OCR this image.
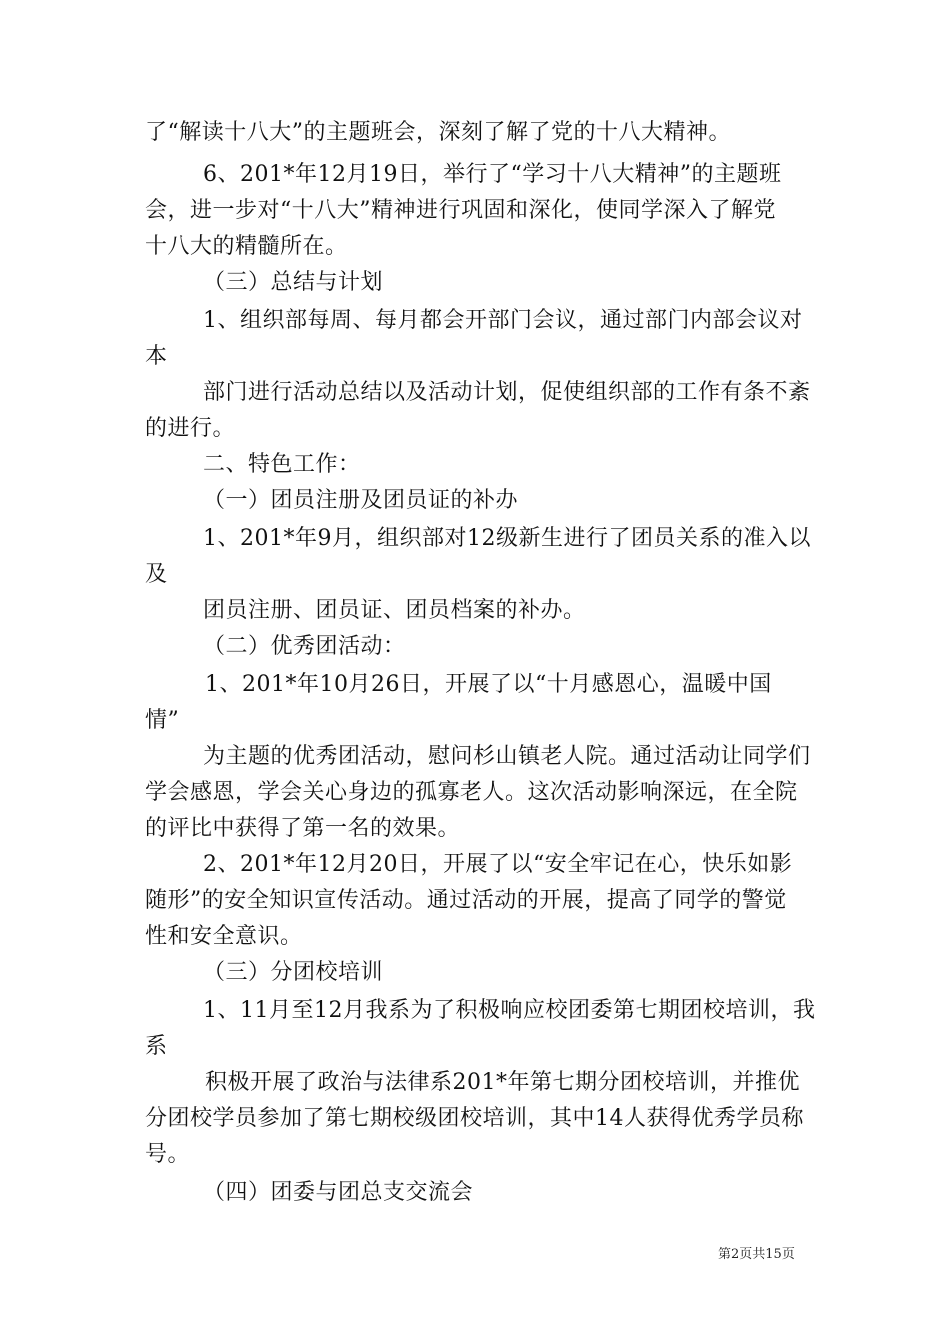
了“解读十八大”的主题班会，深刻了解了党的十八大精神。
6、201*年12月19日，举行了“学习十八大精神”的主题班
会，进一步对“十八大”精神进行巩固和深化，使同学深入了解党
十八大的精髓所在。
（三）总结与计划
1、组织部每周、每月都会开部门会议，通过部门内部会议对
本
部门进行活动总结以及活动计划，促使组织部的工作有条不紊
的进行。
二、特色工作：
（一）团员注册及团员证的补办
1、201*年9月，组织部对12级新生进行了团员关系的准入以
及
团员注册、团员证、团员档案的补办。
（二）优秀团活动：
1、201*年10月26日，开展了以“十月感恩心，温暖中国
情”
为主题的优秀团活动，慰问杉山镇老人院。通过活动让同学们
学会感恩，学会关心身边的孤寡老人。这次活动影响深远，在全院
的评比中获得了第一名的效果。
2、201*年12月20日，开展了以“安全牢记在心，快乐如影
随形”的安全知识宣传活动。通过活动的开展，提高了同学的警觉
性和安全意识。
（三）分团校培训
1、11月至12月我系为了积极响应校团委第七期团校培训，我
系
积极开展了政治与法律系201*年第七期分团校培训，并推优
分团校学员参加了第七期校级团校培训，其中14人获得优秀学员称
号。
（四）团委与团总支交流会
第2页共15页
